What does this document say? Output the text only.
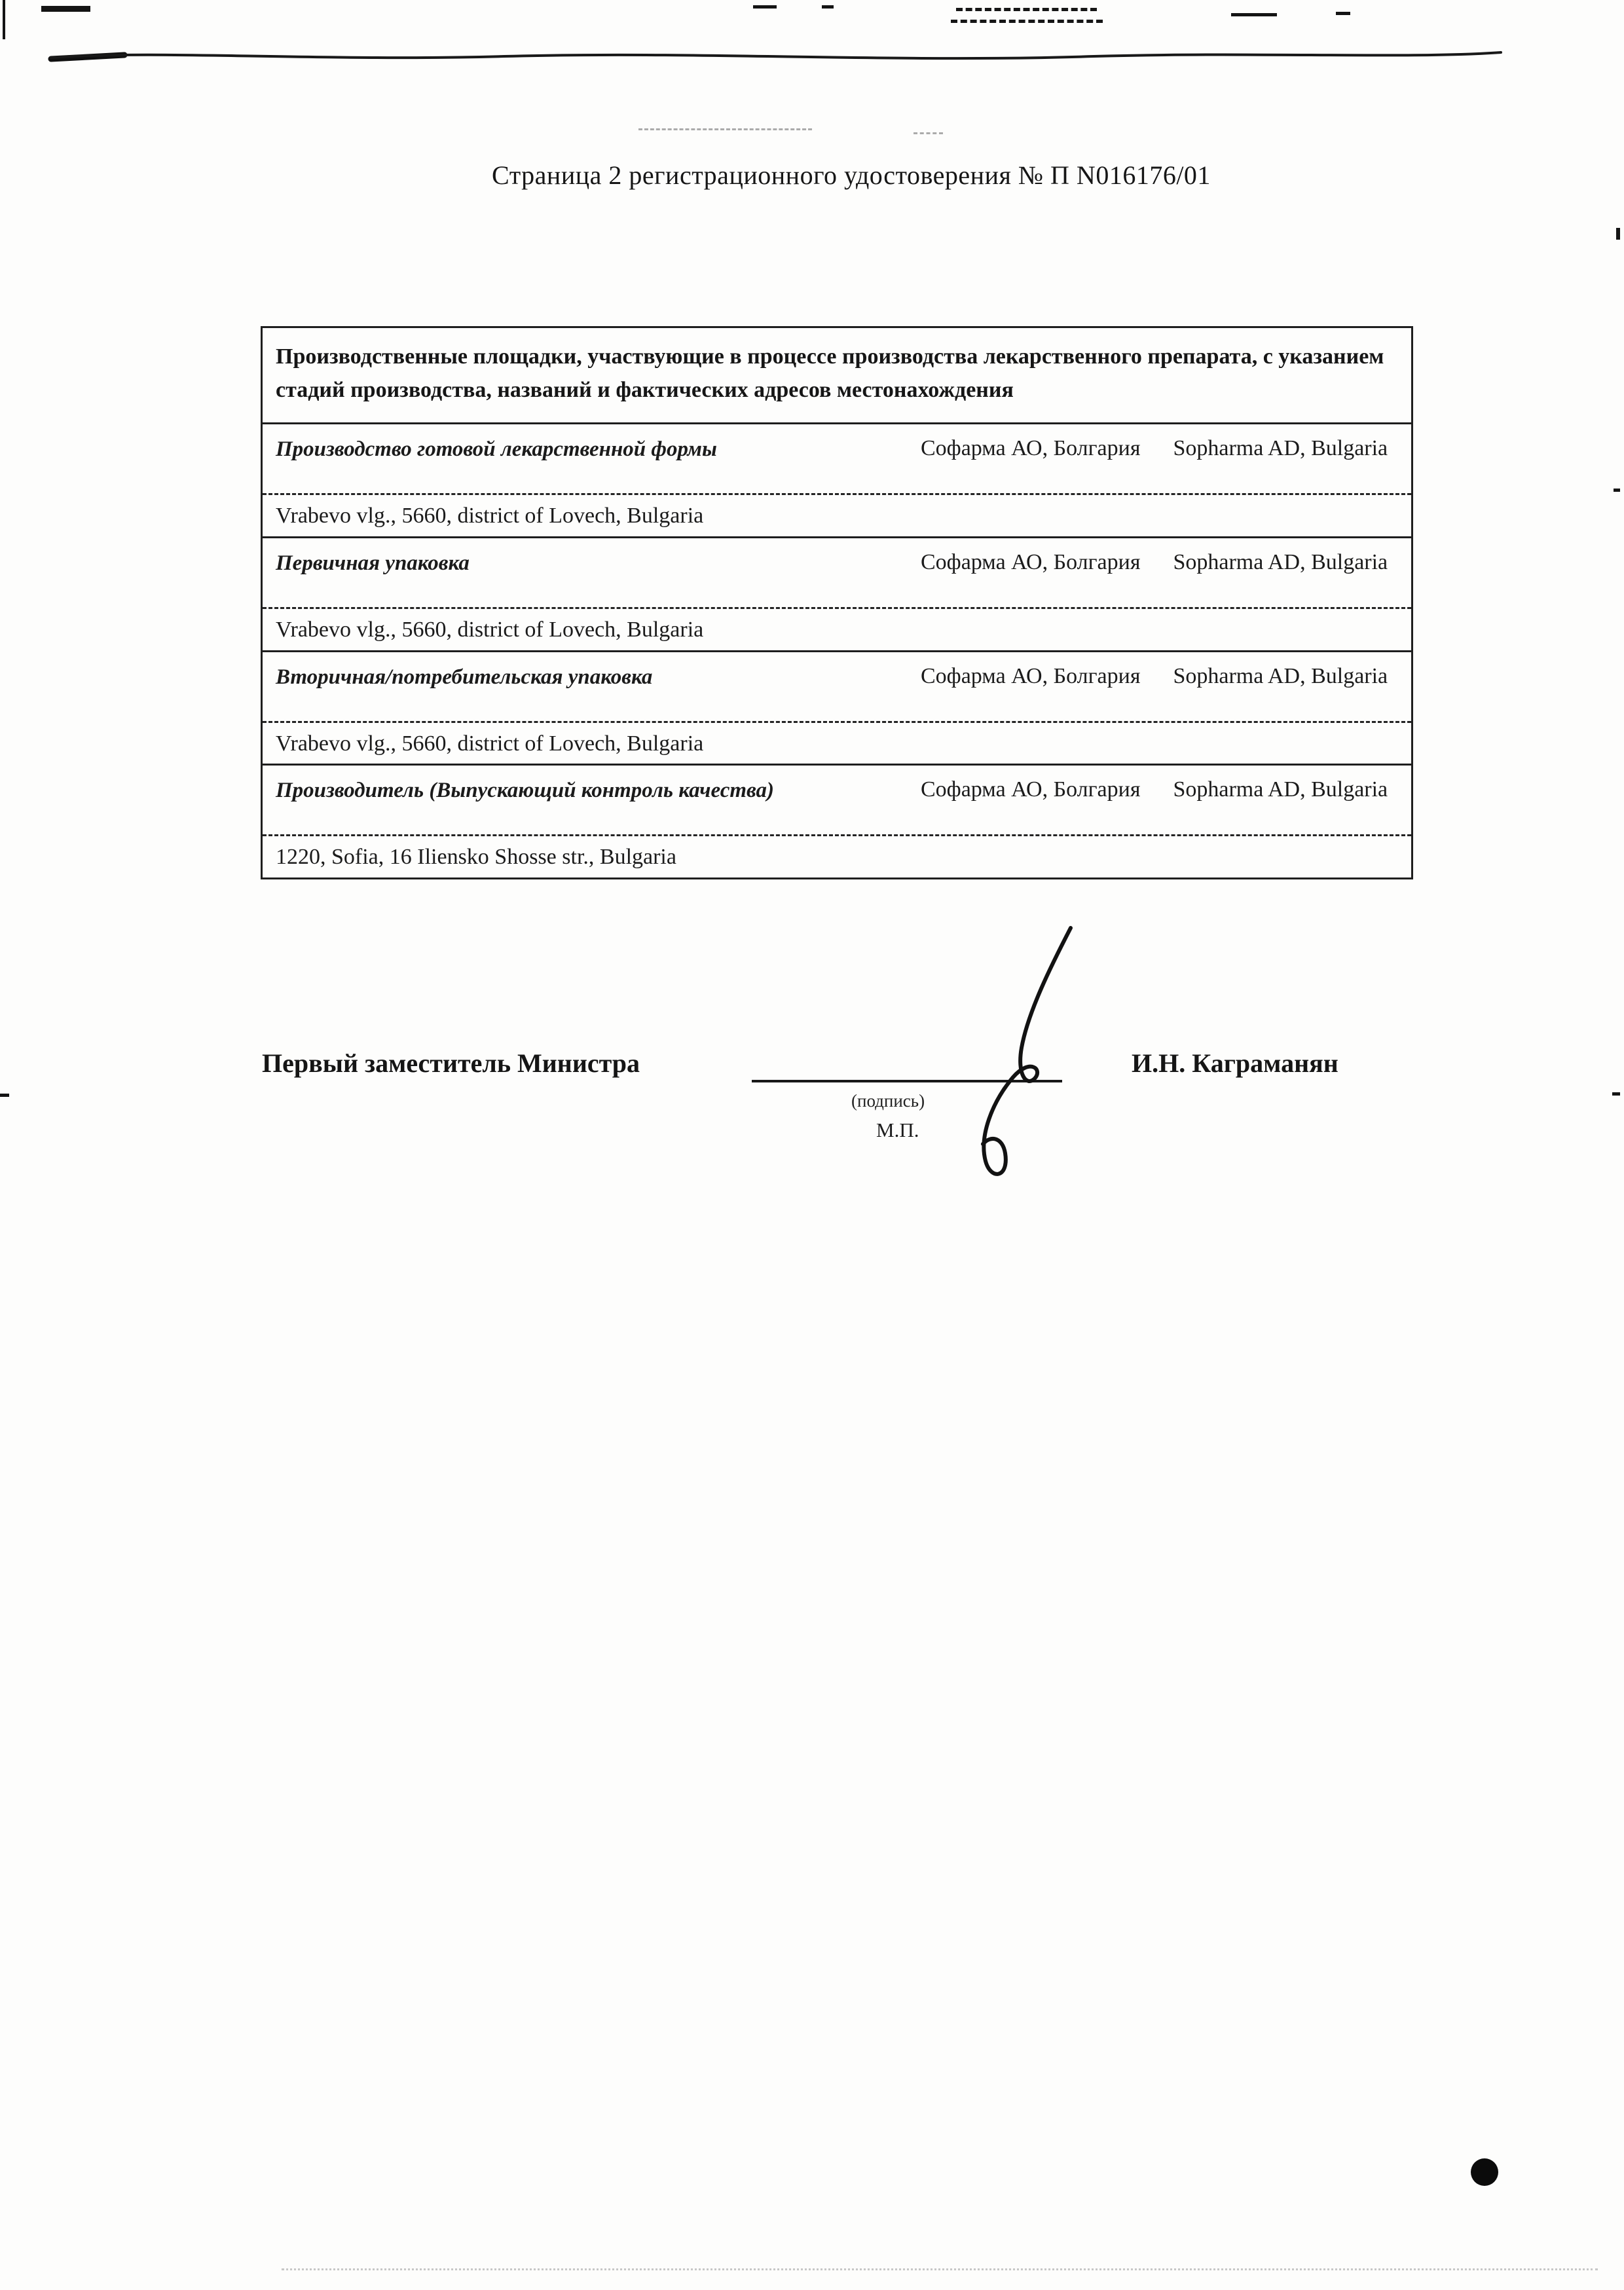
Страница 2 регистрационного удостоверения № П N016176/01
Производственные площадки, участвующие в процессе производства лекарственного препарата, с указанием стадий производства, названий и фактических адресов местонахождения
Производство готовой лекарственной формы	Софарма АО, Болгария Sopharma AD, Bulgaria
Vrabevo vlg., 5660, district of Lovech, Bulgaria
Первичная упаковка	Софарма АО, Болгария Sopharma AD, Bulgaria
Vrabevo vlg., 5660, district of Lovech, Bulgaria
Вторичная/потребительская упаковка	Софарма АО, Болгария Sopharma AD, Bulgaria
Vrabevo vlg., 5660, district of Lovech, Bulgaria
Производитель (Выпускающий контроль качества)	Софарма АО, Болгария Sopharma AD, Bulgaria
1220, Sofia, 16 Iliensko Shosse str., Bulgaria
Первый заместитель Министра
(подпись)
М.П.
И.Н. Каграманян
